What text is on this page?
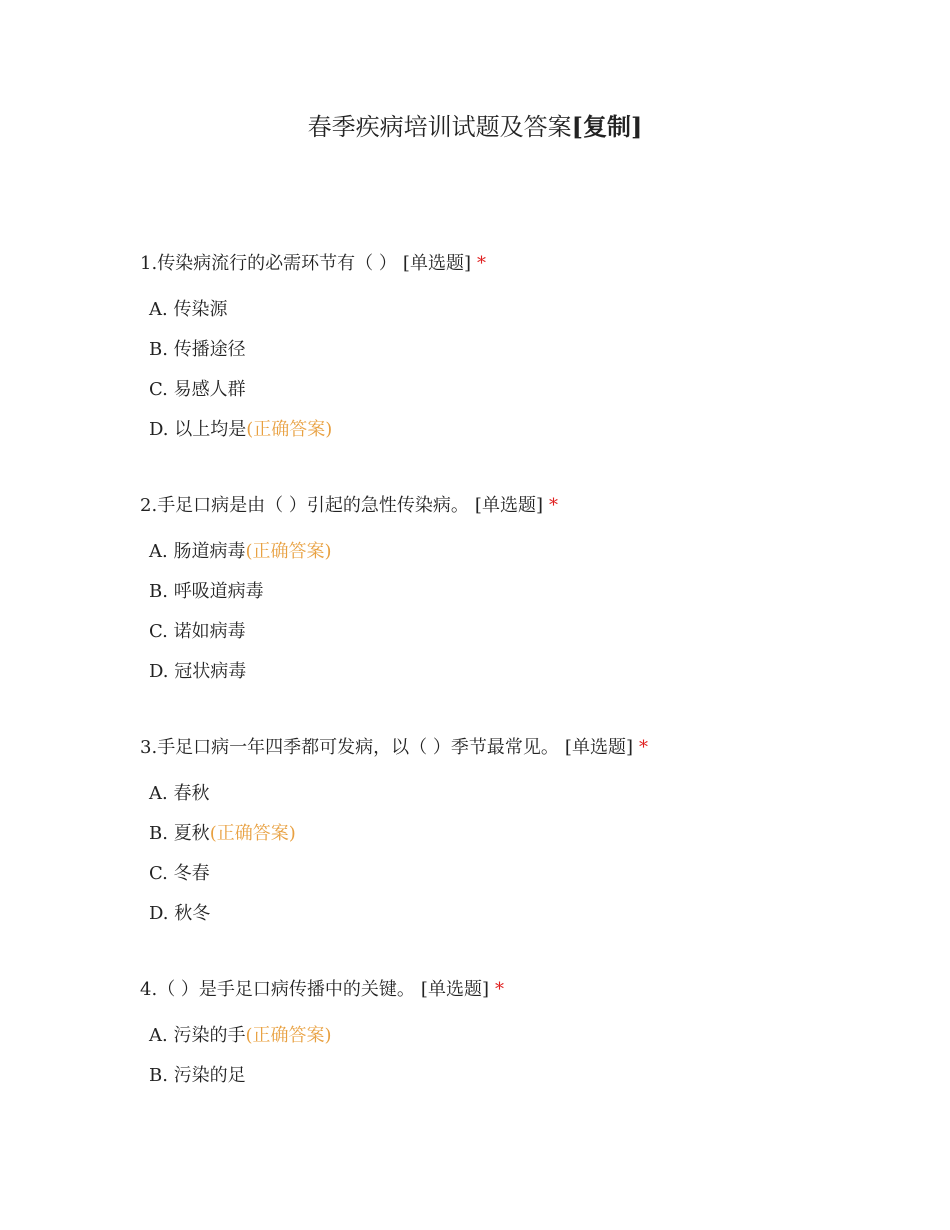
春季疾病培训试题及答案[复制]
1.传染病流行的必需环节有（ ） [单选题] *
A. 传染源
B. 传播途径
C. 易感人群
D. 以上均是(正确答案)
2.手足口病是由（ ）引起的急性传染病。 [单选题] *
A. 肠道病毒(正确答案)
B. 呼吸道病毒
C. 诺如病毒
D. 冠状病毒
3.手足口病一年四季都可发病，以（ ）季节最常见。 [单选题] *
A. 春秋
B. 夏秋(正确答案)
C. 冬春
D. 秋冬
4.（ ）是手足口病传播中的关键。 [单选题] *
A. 污染的手(正确答案)
B. 污染的足
